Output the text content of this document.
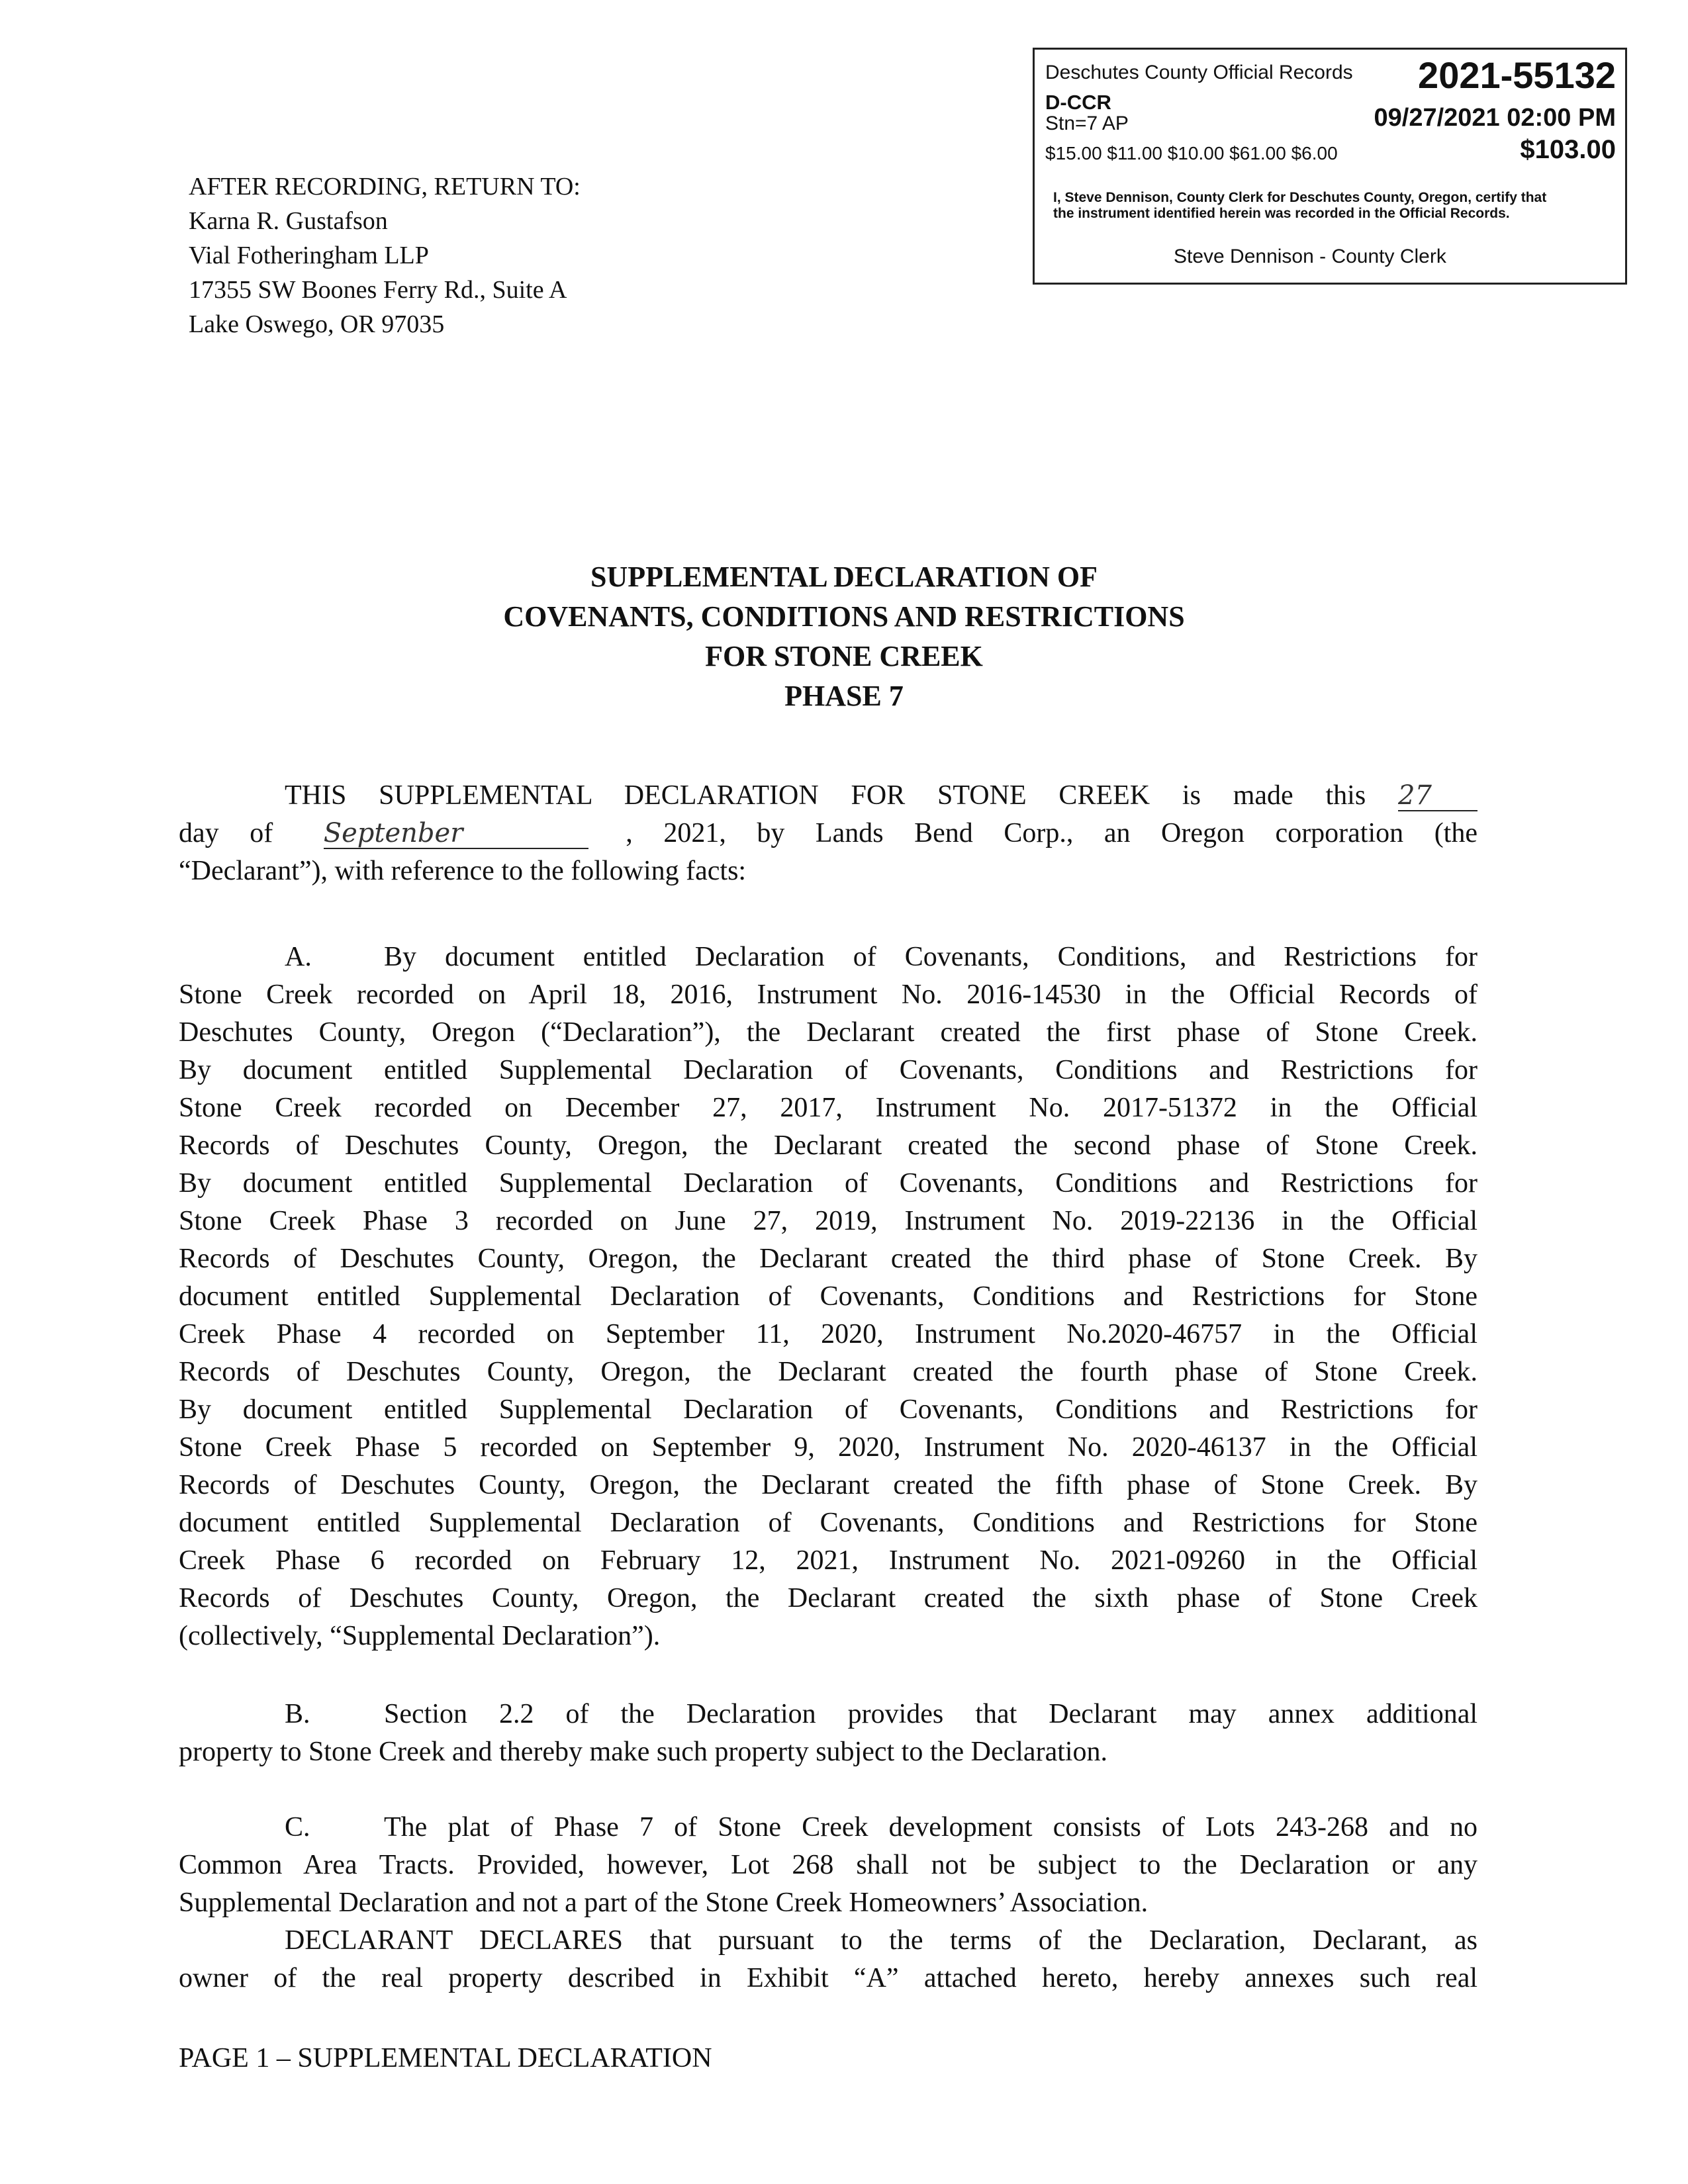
Deschutes County Official Records 2021-55132
D-CCR
Stn=7 AP	09/27/2021 02:00 PM
$15.00 $11.00 $10.00 $61.00 $6.00	$103.00
I, Steve Dennison, County Clerk for Deschutes County, Oregon, certify that the instrument identified herein was recorded in the Official Records.
Steve Dennison - County Clerk
AFTER RECORDING, RETURN TO:
Karna R. Gustafson
Vial Fotheringham LLP
17355 SW Boones Ferry Rd., Suite A
Lake Oswego, OR 97035
SUPPLEMENTAL DECLARATION OF
COVENANTS, CONDITIONS AND RESTRICTIONS
FOR STONE CREEK
PHASE 7
THIS SUPPLEMENTAL DECLARATION FOR STONE CREEK is made this 27
day of Septenber	, 2021, by Lands Bend Corp., an Oregon corporation (the
“Declarant”), with reference to the following facts:
A.	By document entitled Declaration of Covenants, Conditions, and Restrictions for
Stone Creek recorded on April 18, 2016, Instrument No. 2016-14530 in the Official Records of
Deschutes County, Oregon (“Declaration”), the Declarant created the first phase of Stone Creek.
By document entitled Supplemental Declaration of Covenants, Conditions and Restrictions for
Stone Creek recorded on December 27, 2017, Instrument No. 2017-51372 in the Official
Records of Deschutes County, Oregon, the Declarant created the second phase of Stone Creek.
By document entitled Supplemental Declaration of Covenants, Conditions and Restrictions for
Stone Creek Phase 3 recorded on June 27, 2019, Instrument No. 2019-22136 in the Official
Records of Deschutes County, Oregon, the Declarant created the third phase of Stone Creek. By
document entitled Supplemental Declaration of Covenants, Conditions and Restrictions for Stone
Creek Phase 4 recorded on September 11, 2020, Instrument No.2020-46757 in the Official
Records of Deschutes County, Oregon, the Declarant created the fourth phase of Stone Creek.
By document entitled Supplemental Declaration of Covenants, Conditions and Restrictions for
Stone Creek Phase 5 recorded on September 9, 2020, Instrument No. 2020-46137 in the Official
Records of Deschutes County, Oregon, the Declarant created the fifth phase of Stone Creek. By
document entitled Supplemental Declaration of Covenants, Conditions and Restrictions for Stone
Creek Phase 6 recorded on February 12, 2021, Instrument No. 2021-09260 in the Official
Records of Deschutes County, Oregon, the Declarant created the sixth phase of Stone Creek
(collectively, “Supplemental Declaration”).
B.	Section 2.2 of the Declaration provides that Declarant may annex additional
property to Stone Creek and thereby make such property subject to the Declaration.
C.	The plat of Phase 7 of Stone Creek development consists of Lots 243-268 and no
Common Area Tracts. Provided, however, Lot 268 shall not be subject to the Declaration or any
Supplemental Declaration and not a part of the Stone Creek Homeowners’ Association.
DECLARANT DECLARES that pursuant to the terms of the Declaration, Declarant, as
owner of the real property described in Exhibit “A” attached hereto, hereby annexes such real
PAGE 1 – SUPPLEMENTAL DECLARATION
